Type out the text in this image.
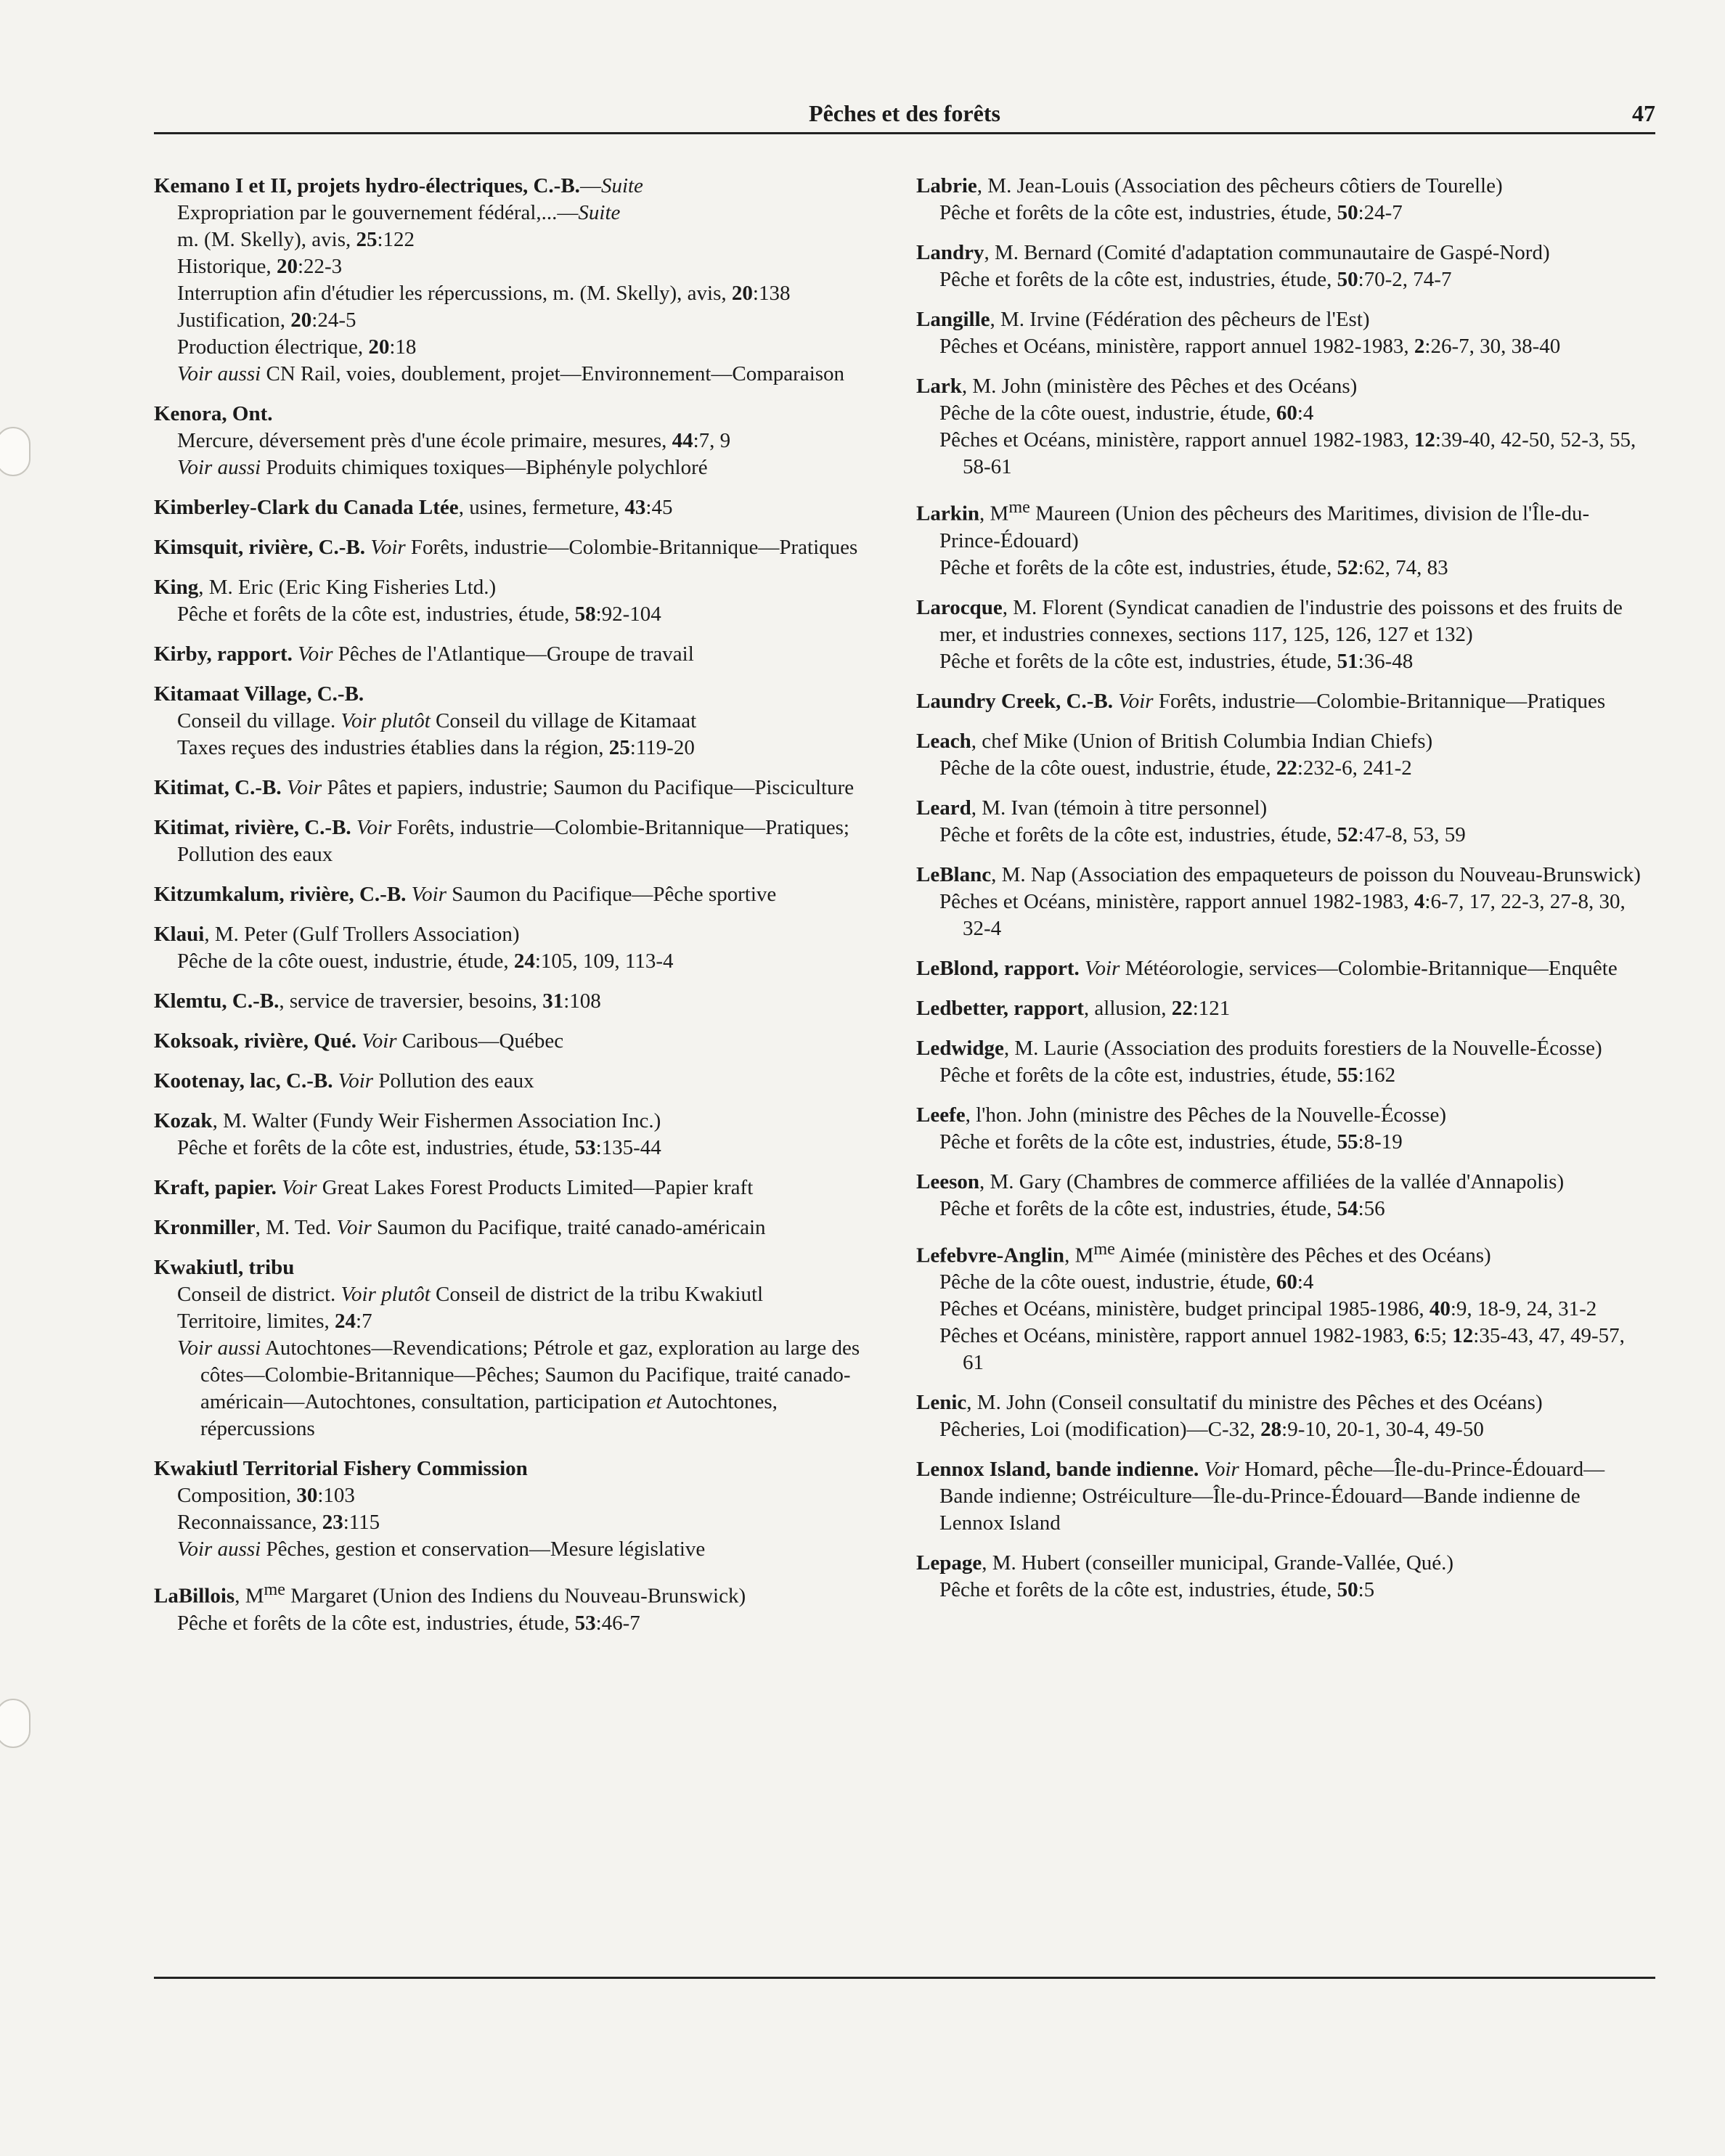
Pêches et des forêts	47
Kemano I et II, projets hydro-électriques, C.-B.—Suite
Expropriation par le gouvernement fédéral,...—Suite
m. (M. Skelly), avis, 25:122
Historique, 20:22-3
Interruption afin d'étudier les répercussions, m. (M. Skelly), avis, 20:138
Justification, 20:24-5
Production électrique, 20:18
Voir aussi CN Rail, voies, doublement, projet—Environnement—Comparaison
Kenora, Ont.
Mercure, déversement près d'une école primaire, mesures, 44:7, 9
Voir aussi Produits chimiques toxiques—Biphényle polychloré
Kimberley-Clark du Canada Ltée, usines, fermeture, 43:45
Kimsquit, rivière, C.-B. Voir Forêts, industrie—Colombie-Britannique—Pratiques
King, M. Eric (Eric King Fisheries Ltd.)
Pêche et forêts de la côte est, industries, étude, 58:92-104
Kirby, rapport. Voir Pêches de l'Atlantique—Groupe de travail
Kitamaat Village, C.-B.
Conseil du village. Voir plutôt Conseil du village de Kitamaat
Taxes reçues des industries établies dans la région, 25:119-20
Kitimat, C.-B. Voir Pâtes et papiers, industrie; Saumon du Pacifique—Pisciculture
Kitimat, rivière, C.-B. Voir Forêts, industrie—Colombie-Britannique—Pratiques; Pollution des eaux
Kitzumkalum, rivière, C.-B. Voir Saumon du Pacifique—Pêche sportive
Klaui, M. Peter (Gulf Trollers Association)
Pêche de la côte ouest, industrie, étude, 24:105, 109, 113-4
Klemtu, C.-B., service de traversier, besoins, 31:108
Koksoak, rivière, Qué. Voir Caribous—Québec
Kootenay, lac, C.-B. Voir Pollution des eaux
Kozak, M. Walter (Fundy Weir Fishermen Association Inc.)
Pêche et forêts de la côte est, industries, étude, 53:135-44
Kraft, papier. Voir Great Lakes Forest Products Limited—Papier kraft
Kronmiller, M. Ted. Voir Saumon du Pacifique, traité canado-américain
Kwakiutl, tribu
Conseil de district. Voir plutôt Conseil de district de la tribu Kwakiutl
Territoire, limites, 24:7
Voir aussi Autochtones—Revendications; Pétrole et gaz, exploration au large des côtes—Colombie-Britannique—Pêches; Saumon du Pacifique, traité canado-américain—Autochtones, consultation, participation et Autochtones, répercussions
Kwakiutl Territorial Fishery Commission
Composition, 30:103
Reconnaissance, 23:115
Voir aussi Pêches, gestion et conservation—Mesure législative
LaBillois, $M^{me}$ Margaret (Union des Indiens du Nouveau-Brunswick)
Pêche et forêts de la côte est, industries, étude, 53:46-7
Labrie, M. Jean-Louis (Association des pêcheurs côtiers de Tourelle)
Pêche et forêts de la côte est, industries, étude, 50:24-7
Landry, M. Bernard (Comité d'adaptation communautaire de Gaspé-Nord)
Pêche et forêts de la côte est, industries, étude, 50:70-2, 74-7
Langille, M. Irvine (Fédération des pêcheurs de l'Est)
Pêches et Océans, ministère, rapport annuel 1982-1983, 2:26-7, 30, 38-40
Lark, M. John (ministère des Pêches et des Océans)
Pêche de la côte ouest, industrie, étude, 60:4
Pêches et Océans, ministère, rapport annuel 1982-1983, 12:39-40, 42-50, 52-3, 55, 58-61
Larkin, $M^{me}$ Maureen (Union des pêcheurs des Maritimes, division de l'Île-du-Prince-Édouard)
Pêche et forêts de la côte est, industries, étude, 52:62, 74, 83
Larocque, M. Florent (Syndicat canadien de l'industrie des poissons et des fruits de mer, et industries connexes, sections 117, 125, 126, 127 et 132)
Pêche et forêts de la côte est, industries, étude, 51:36-48
Laundry Creek, C.-B. Voir Forêts, industrie—Colombie-Britannique—Pratiques
Leach, chef Mike (Union of British Columbia Indian Chiefs)
Pêche de la côte ouest, industrie, étude, 22:232-6, 241-2
Leard, M. Ivan (témoin à titre personnel)
Pêche et forêts de la côte est, industries, étude, 52:47-8, 53, 59
LeBlanc, M. Nap (Association des empaqueteurs de poisson du Nouveau-Brunswick)
Pêches et Océans, ministère, rapport annuel 1982-1983, 4:6-7, 17, 22-3, 27-8, 30, 32-4
LeBlond, rapport. Voir Météorologie, services—Colombie-Britannique—Enquête
Ledbetter, rapport, allusion, 22:121
Ledwidge, M. Laurie (Association des produits forestiers de la Nouvelle-Écosse)
Pêche et forêts de la côte est, industries, étude, 55:162
Leefe, l'hon. John (ministre des Pêches de la Nouvelle-Écosse)
Pêche et forêts de la côte est, industries, étude, 55:8-19
Leeson, M. Gary (Chambres de commerce affiliées de la vallée d'Annapolis)
Pêche et forêts de la côte est, industries, étude, 54:56
Lefebvre-Anglin, $M^{me}$ Aimée (ministère des Pêches et des Océans)
Pêche de la côte ouest, industrie, étude, 60:4
Pêches et Océans, ministère, budget principal 1985-1986, 40:9, 18-9, 24, 31-2
Pêches et Océans, ministère, rapport annuel 1982-1983, 6:5; 12:35-43, 47, 49-57, 61
Lenic, M. John (Conseil consultatif du ministre des Pêches et des Océans)
Pêcheries, Loi (modification)—C-32, 28:9-10, 20-1, 30-4, 49-50
Lennox Island, bande indienne. Voir Homard, pêche—Île-du-Prince-Édouard—Bande indienne; Ostréiculture—Île-du-Prince-Édouard—Bande indienne de Lennox Island
Lepage, M. Hubert (conseiller municipal, Grande-Vallée, Qué.)
Pêche et forêts de la côte est, industries, étude, 50:5
